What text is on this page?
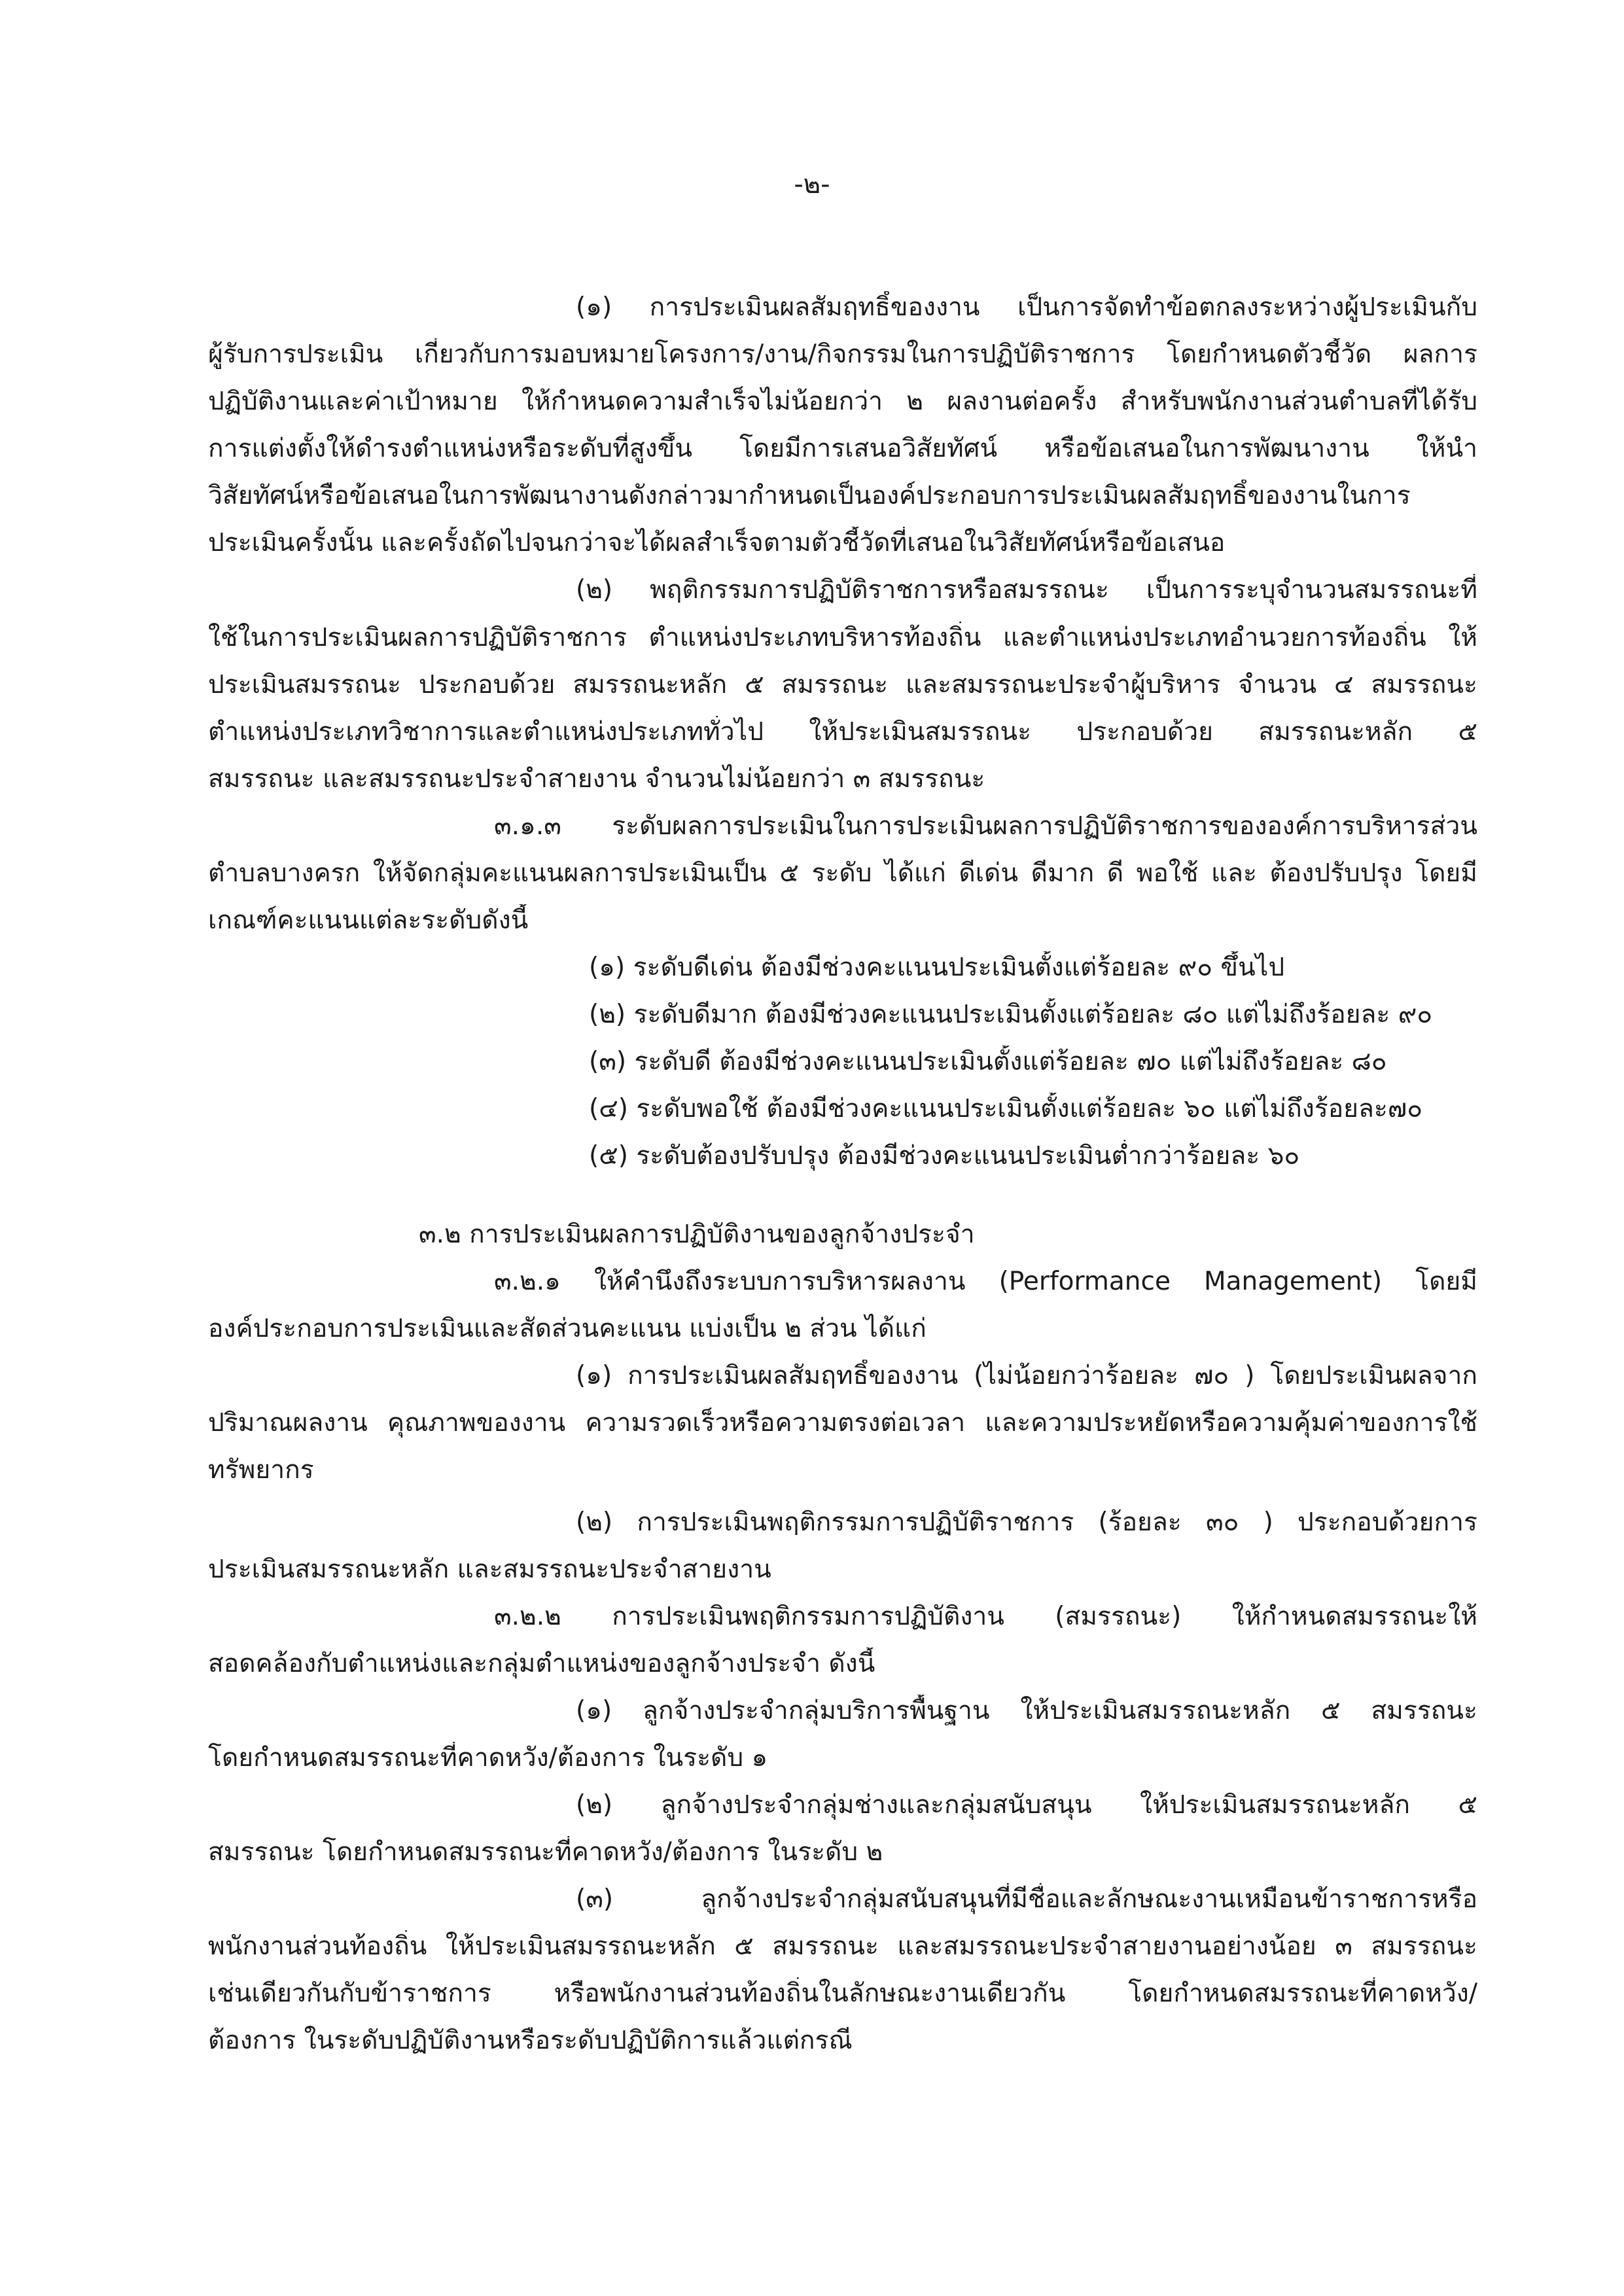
-๒-
(๑) การประเมินผลสัมฤทธิ์ของงาน เป็นการจัดทำข้อตกลงระหว่างผู้ประเมินกับ
ผู้รับการประเมิน เกี่ยวกับการมอบหมายโครงการ/งาน/กิจกรรมในการปฏิบัติราชการ โดยกำหนดตัวชี้วัด ผลการ
ปฏิบัติงานและค่าเป้าหมาย ให้กำหนดความสำเร็จไม่น้อยกว่า ๒ ผลงานต่อครั้ง สำหรับพนักงานส่วนตำบลที่ได้รับ
การแต่งตั้งให้ดำรงตำแหน่งหรือระดับที่สูงขึ้น โดยมีการเสนอวิสัยทัศน์ หรือข้อเสนอในการพัฒนางาน ให้นำ
วิสัยทัศน์หรือข้อเสนอในการพัฒนางานดังกล่าวมากำหนดเป็นองค์ประกอบการประเมินผลสัมฤทธิ์ของงานในการ
ประเมินครั้งนั้น และครั้งถัดไปจนกว่าจะได้ผลสำเร็จตามตัวชี้วัดที่เสนอในวิสัยทัศน์หรือข้อเสนอ
(๒) พฤติกรรมการปฏิบัติราชการหรือสมรรถนะ เป็นการระบุจำนวนสมรรถนะที่
ใช้ในการประเมินผลการปฏิบัติราชการ ตำแหน่งประเภทบริหารท้องถิ่น และตำแหน่งประเภทอำนวยการท้องถิ่น ให้
ประเมินสมรรถนะ ประกอบด้วย สมรรถนะหลัก ๕ สมรรถนะ และสมรรถนะประจำผู้บริหาร จำนวน ๔ สมรรถนะ
ตำแหน่งประเภทวิชาการและตำแหน่งประเภททั่วไป ให้ประเมินสมรรถนะ ประกอบด้วย สมรรถนะหลัก ๕
สมรรถนะ และสมรรถนะประจำสายงาน จำนวนไม่น้อยกว่า ๓ สมรรถนะ
๓.๑.๓ ระดับผลการประเมินในการประเมินผลการปฏิบัติราชการขององค์การบริหารส่วน
ตำบลบางครก ให้จัดกลุ่มคะแนนผลการประเมินเป็น ๕ ระดับ ได้แก่ ดีเด่น ดีมาก ดี พอใช้ และ ต้องปรับปรุง โดยมี
เกณฑ์คะแนนแต่ละระดับดังนี้
(๑) ระดับดีเด่น ต้องมีช่วงคะแนนประเมินตั้งแต่ร้อยละ ๙๐ ขึ้นไป
(๒) ระดับดีมาก ต้องมีช่วงคะแนนประเมินตั้งแต่ร้อยละ ๘๐ แต่ไม่ถึงร้อยละ ๙๐
(๓) ระดับดี ต้องมีช่วงคะแนนประเมินตั้งแต่ร้อยละ ๗๐ แต่ไม่ถึงร้อยละ ๘๐
(๔) ระดับพอใช้ ต้องมีช่วงคะแนนประเมินตั้งแต่ร้อยละ ๖๐ แต่ไม่ถึงร้อยละ๗๐
(๕) ระดับต้องปรับปรุง ต้องมีช่วงคะแนนประเมินต่ำกว่าร้อยละ ๖๐
๓.๒ การประเมินผลการปฏิบัติงานของลูกจ้างประจำ
๓.๒.๑ ให้คำนึงถึงระบบการบริหารผลงาน (Performance Management) โดยมี
องค์ประกอบการประเมินและสัดส่วนคะแนน แบ่งเป็น ๒ ส่วน ได้แก่
(๑) การประเมินผลสัมฤทธิ์ของงาน (ไม่น้อยกว่าร้อยละ ๗๐ ) โดยประเมินผลจาก
ปริมาณผลงาน คุณภาพของงาน ความรวดเร็วหรือความตรงต่อเวลา และความประหยัดหรือความคุ้มค่าของการใช้
ทรัพยากร
(๒) การประเมินพฤติกรรมการปฏิบัติราชการ (ร้อยละ ๓๐ ) ประกอบด้วยการ
ประเมินสมรรถนะหลัก และสมรรถนะประจำสายงาน
๓.๒.๒ การประเมินพฤติกรรมการปฏิบัติงาน (สมรรถนะ) ให้กำหนดสมรรถนะให้
สอดคล้องกับตำแหน่งและกลุ่มตำแหน่งของลูกจ้างประจำ ดังนี้
(๑) ลูกจ้างประจำกลุ่มบริการพื้นฐาน ให้ประเมินสมรรถนะหลัก ๕ สมรรถนะ
โดยกำหนดสมรรถนะที่คาดหวัง/ต้องการ ในระดับ ๑
(๒) ลูกจ้างประจำกลุ่มช่างและกลุ่มสนับสนุน ให้ประเมินสมรรถนะหลัก ๕
สมรรถนะ โดยกำหนดสมรรถนะที่คาดหวัง/ต้องการ ในระดับ ๒
(๓) ลูกจ้างประจำกลุ่มสนับสนุนที่มีชื่อและลักษณะงานเหมือนข้าราชการหรือ
พนักงานส่วนท้องถิ่น ให้ประเมินสมรรถนะหลัก ๕ สมรรถนะ และสมรรถนะประจำสายงานอย่างน้อย ๓ สมรรถนะ
เช่นเดียวกันกับข้าราชการ หรือพนักงานส่วนท้องถิ่นในลักษณะงานเดียวกัน โดยกำหนดสมรรถนะที่คาดหวัง/
ต้องการ ในระดับปฏิบัติงานหรือระดับปฏิบัติการแล้วแต่กรณี
